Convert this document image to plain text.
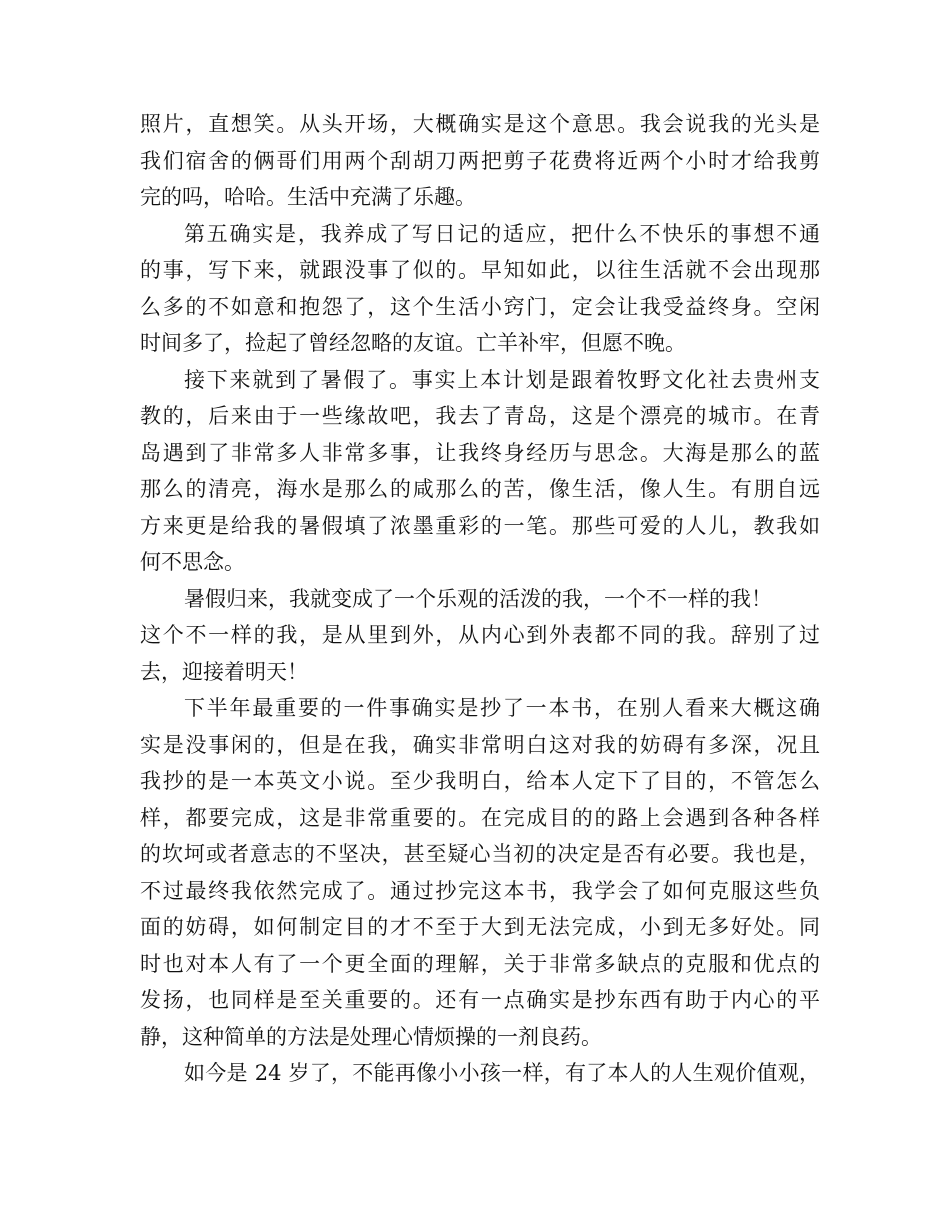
照片，直想笑。从头开场，大概确实是这个意思。我会说我的光头是
我们宿舍的俩哥们用两个刮胡刀两把剪子花费将近两个小时才给我剪
完的吗，哈哈。生活中充满了乐趣。
第五确实是，我养成了写日记的适应，把什么不快乐的事想不通
的事，写下来，就跟没事了似的。早知如此，以往生活就不会出现那
么多的不如意和抱怨了，这个生活小窍门，定会让我受益终身。空闲
时间多了，捡起了曾经忽略的友谊。亡羊补牢，但愿不晚。
接下来就到了暑假了。事实上本计划是跟着牧野文化社去贵州支
教的，后来由于一些缘故吧，我去了青岛，这是个漂亮的城市。在青
岛遇到了非常多人非常多事，让我终身经历与思念。大海是那么的蓝
那么的清亮，海水是那么的咸那么的苦，像生活，像人生。有朋自远
方来更是给我的暑假填了浓墨重彩的一笔。那些可爱的人儿，教我如
何不思念。
暑假归来，我就变成了一个乐观的活泼的我，一个不一样的我！
这个不一样的我，是从里到外，从内心到外表都不同的我。辞别了过
去，迎接着明天！
下半年最重要的一件事确实是抄了一本书，在别人看来大概这确
实是没事闲的，但是在我，确实非常明白这对我的妨碍有多深，况且
我抄的是一本英文小说。至少我明白，给本人定下了目的，不管怎么
样，都要完成，这是非常重要的。在完成目的的路上会遇到各种各样
的坎坷或者意志的不坚决，甚至疑心当初的决定是否有必要。我也是，
不过最终我依然完成了。通过抄完这本书，我学会了如何克服这些负
面的妨碍，如何制定目的才不至于大到无法完成，小到无多好处。同
时也对本人有了一个更全面的理解，关于非常多缺点的克服和优点的
发扬，也同样是至关重要的。还有一点确实是抄东西有助于内心的平
静，这种简单的方法是处理心情烦操的一剂良药。
如今是 24 岁了，不能再像小小孩一样，有了本人的人生观价值观，
